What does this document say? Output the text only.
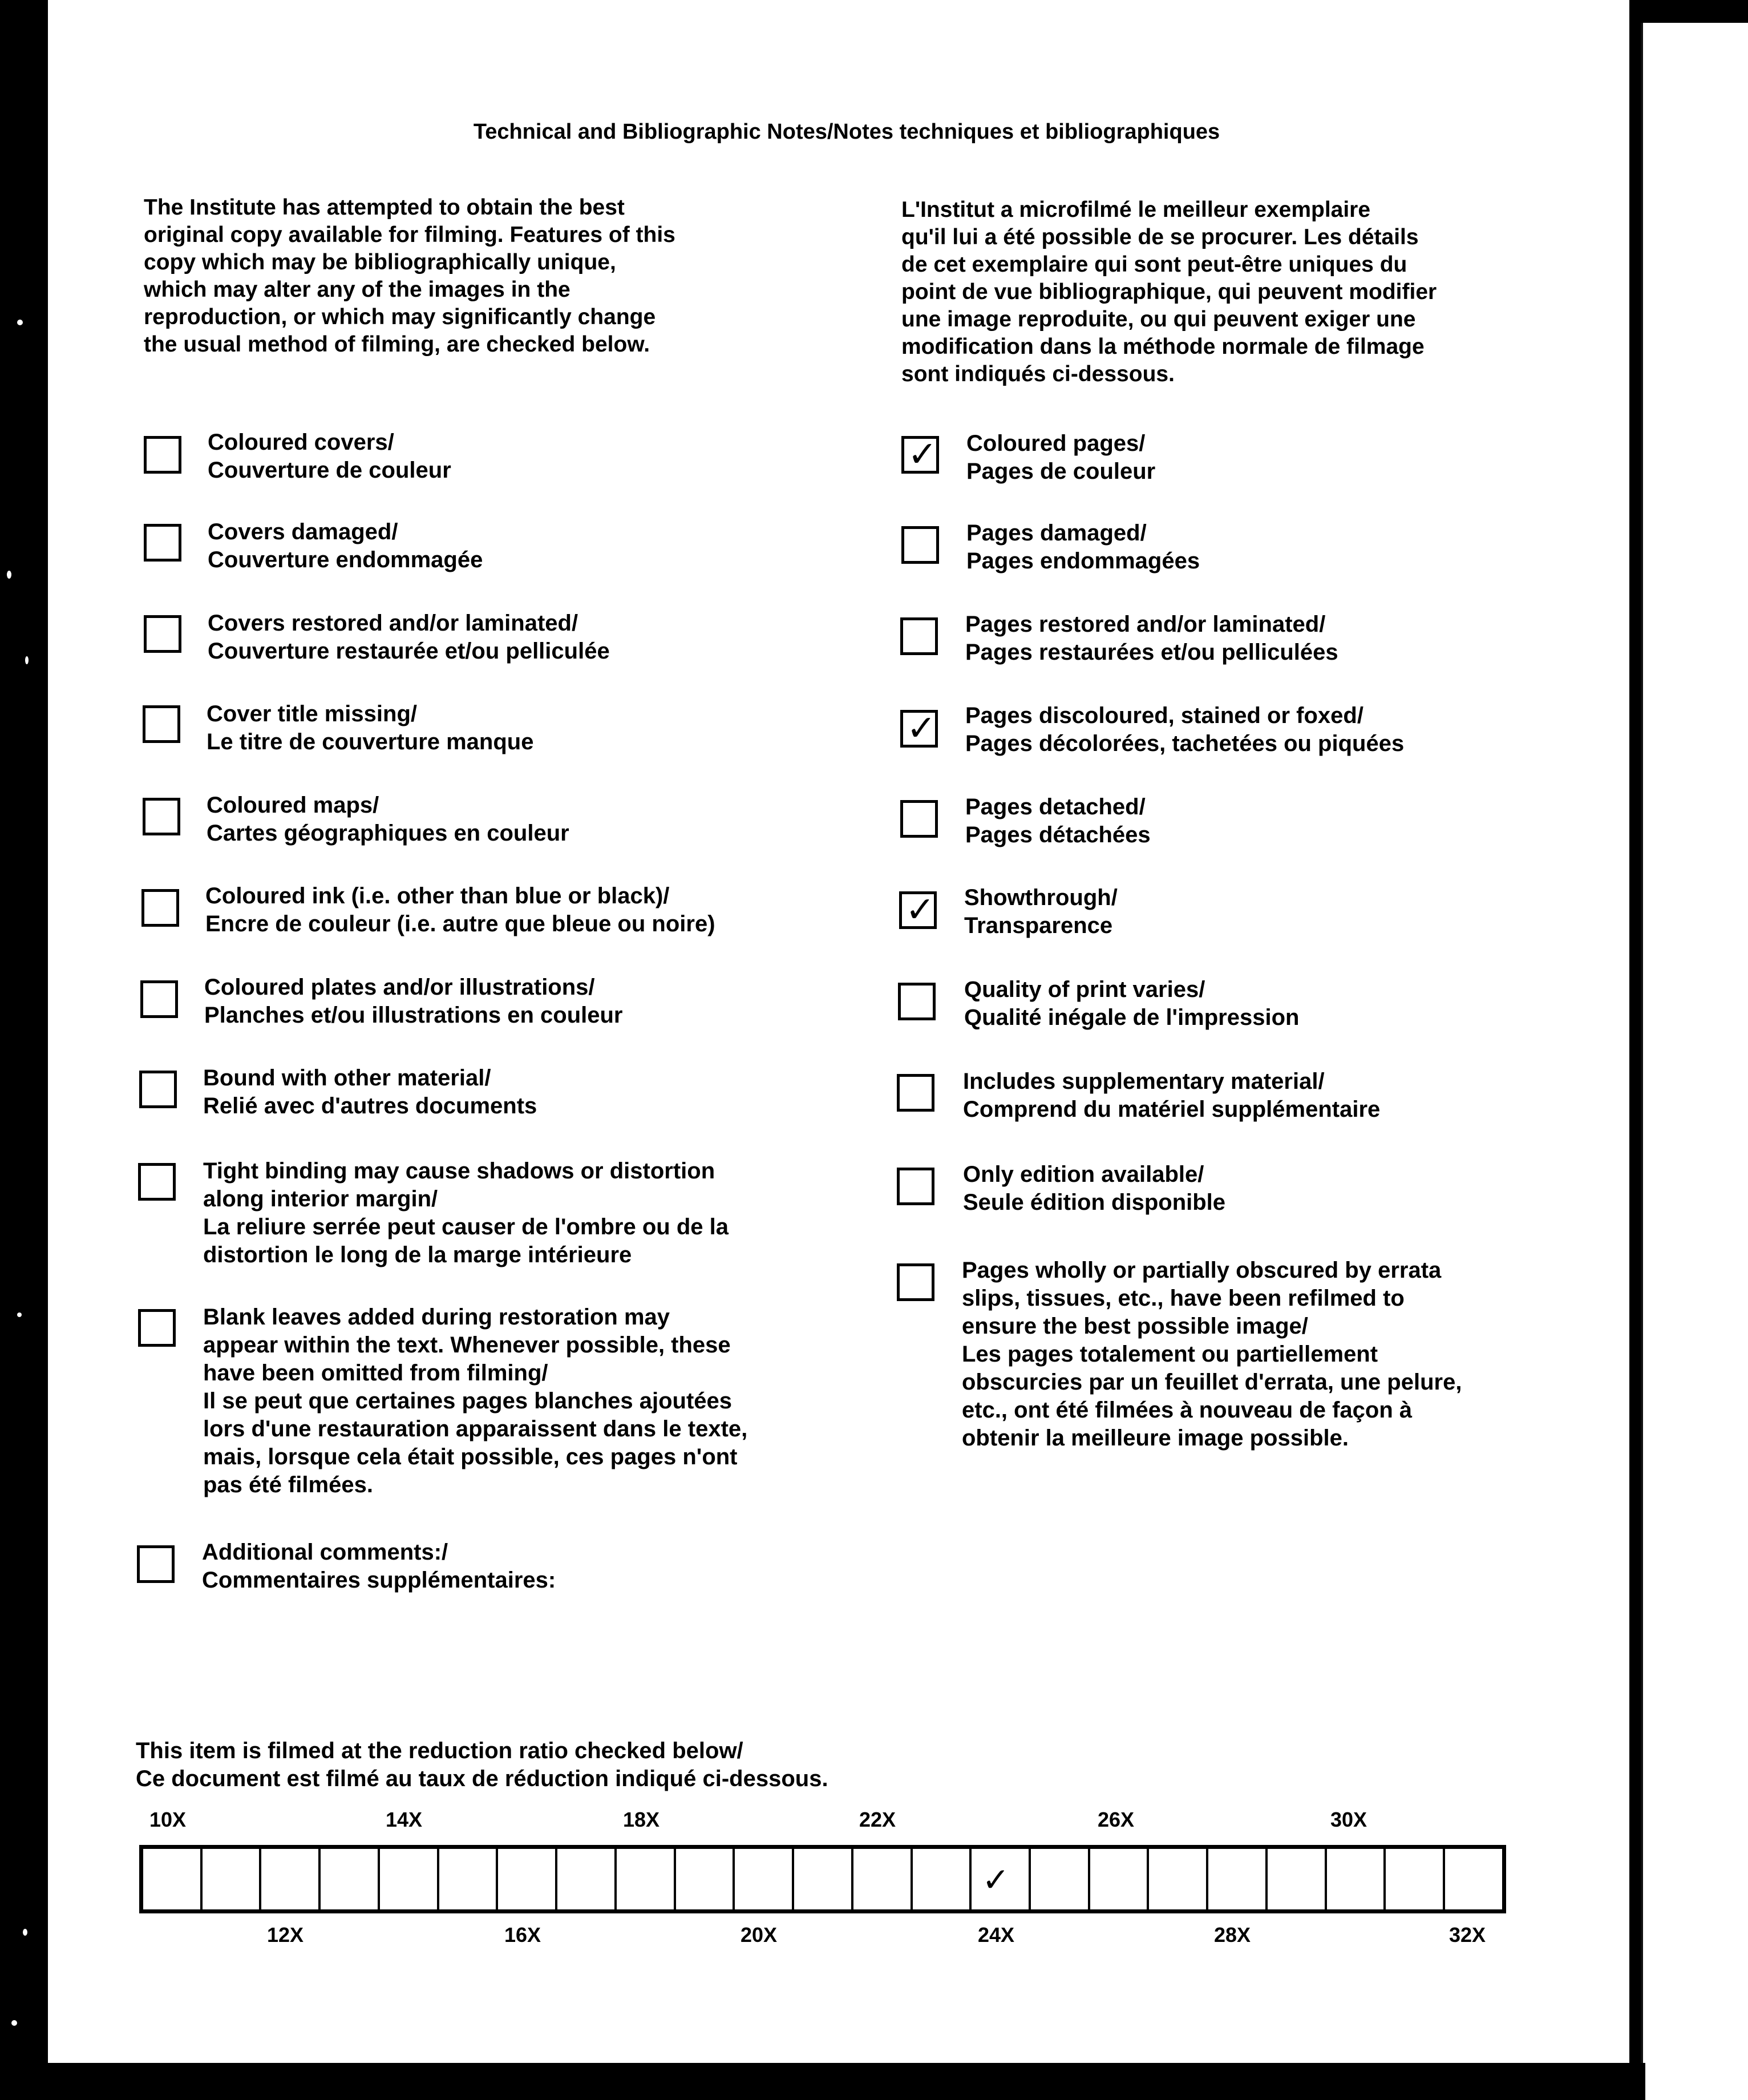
Technical and Bibliographic Notes/Notes techniques et bibliographiques
The Institute has attempted to obtain the best
original copy available for filming. Features of this
copy which may be bibliographically unique,
which may alter any of the images in the
reproduction, or which may significantly change
the usual method of filming, are checked below.
L'Institut a microfilmé le meilleur exemplaire
qu'il lui a été possible de se procurer. Les détails
de cet exemplaire qui sont peut-être uniques du
point de vue bibliographique, qui peuvent modifier
une image reproduite, ou qui peuvent exiger une
modification dans la méthode normale de filmage
sont indiqués ci-dessous.
Coloured covers/
Couverture de couleur
Covers damaged/
Couverture endommagée
Covers restored and/or laminated/
Couverture restaurée et/ou pelliculée
Cover title missing/
Le titre de couverture manque
Coloured maps/
Cartes géographiques en couleur
Coloured ink (i.e. other than blue or black)/
Encre de couleur (i.e. autre que bleue ou noire)
Coloured plates and/or illustrations/
Planches et/ou illustrations en couleur
Bound with other material/
Relié avec d'autres documents
Tight binding may cause shadows or distortion
along interior margin/
La reliure serrée peut causer de l'ombre ou de la
distortion le long de la marge intérieure
Blank leaves added during restoration may
appear within the text. Whenever possible, these
have been omitted from filming/
Il se peut que certaines pages blanches ajoutées
lors d'une restauration apparaissent dans le texte,
mais, lorsque cela était possible, ces pages n'ont
pas été filmées.
Additional comments:/
Commentaires supplémentaires:
✓ Coloured pages/
Pages de couleur
Pages damaged/
Pages endommagées
Pages restored and/or laminated/
Pages restaurées et/ou pelliculées
✓ Pages discoloured, stained or foxed/
Pages décolorées, tachetées ou piquées
Pages detached/
Pages détachées
✓ Showthrough/
Transparence
Quality of print varies/
Qualité inégale de l'impression
Includes supplementary material/
Comprend du matériel supplémentaire
Only edition available/
Seule édition disponible
Pages wholly or partially obscured by errata
slips, tissues, etc., have been refilmed to
ensure the best possible image/
Les pages totalement ou partiellement
obscurcies par un feuillet d'errata, une pelure,
etc., ont été filmées à nouveau de façon à
obtenir la meilleure image possible.
This item is filmed at the reduction ratio checked below/
Ce document est filmé au taux de réduction indiqué ci-dessous.
10X	14X	18X	22X	26X	30X
✓
12X	16X	20X	24X	28X	32X
